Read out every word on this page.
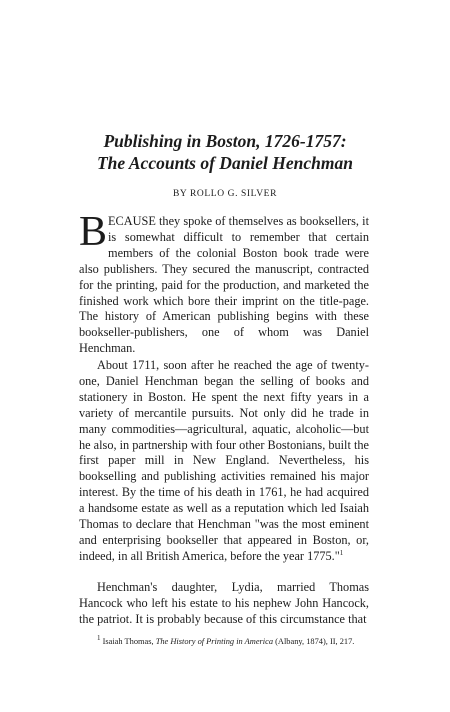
Publishing in Boston, 1726-1757:
The Accounts of Daniel Henchman
BY ROLLO G. SILVER

BECAUSE they spoke of themselves as booksellers, it is somewhat difficult to remember that certain members of the colonial Boston book trade were also publishers. They secured the manuscript, contracted for the printing, paid for the production, and marketed the finished work which bore their imprint on the title-page. The history of American publishing begins with these bookseller-publishers, one of whom was Daniel Henchman.

About 1711, soon after he reached the age of twenty-one, Daniel Henchman began the selling of books and stationery in Boston. He spent the next fifty years in a variety of mercantile pursuits. Not only did he trade in many commodities—agricultural, aquatic, alcoholic—but he also, in partnership with four other Bostonians, built the first paper mill in New England. Nevertheless, his bookselling and publishing activities remained his major interest. By the time of his death in 1761, he had acquired a handsome estate as well as a reputation which led Isaiah Thomas to declare that Henchman "was the most eminent and enterprising bookseller that appeared in Boston, or, indeed, in all British America, before the year 1775."$^1$

Henchman's daughter, Lydia, married Thomas Hancock who left his estate to his nephew John Hancock, the patriot. It is probably because of this circumstance that

$^1$ Isaiah Thomas, The History of Printing in America (Albany, 1874), II, 217.
